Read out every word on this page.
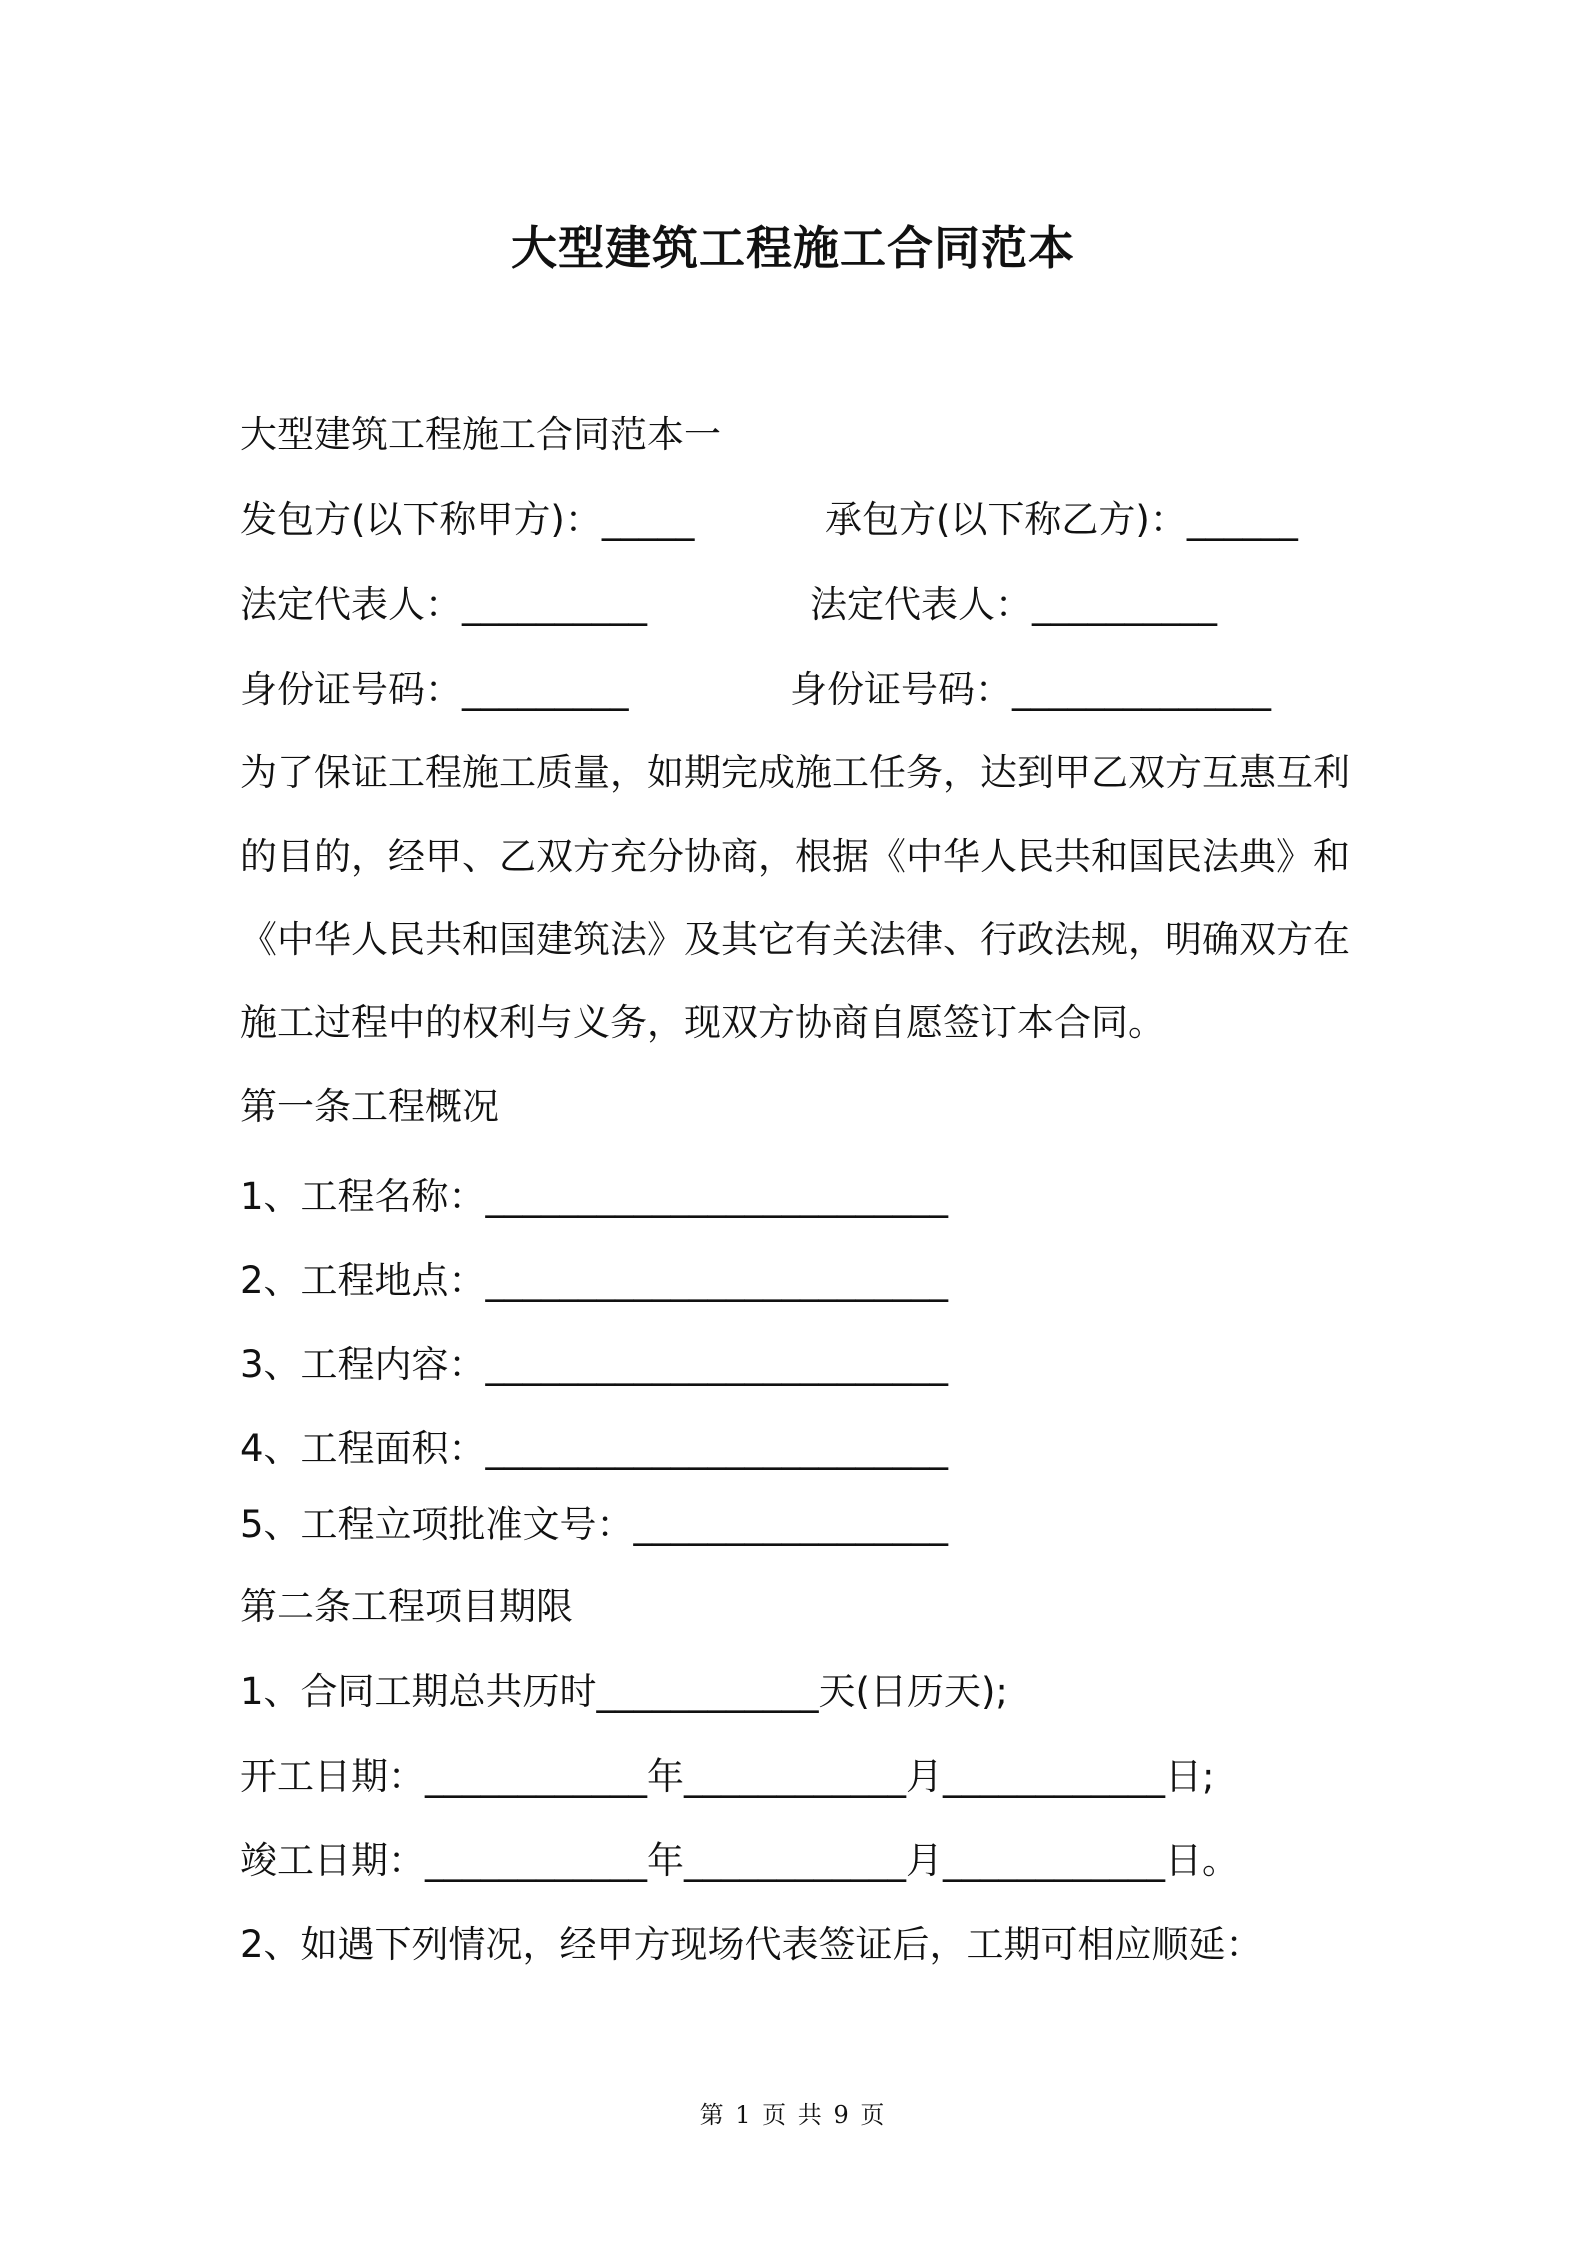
大型建筑工程施工合同范本
大型建筑工程施工合同范本一
发包方(以下称甲方)：_____	承包方(以下称乙方)：______
法定代表人：__________	法定代表人：__________
身份证号码：_________	身份证号码：______________
为了保证工程施工质量，如期完成施工任务，达到甲乙双方互惠互利
的目的，经甲、乙双方充分协商，根据《中华人民共和国民法典》和
《中华人民共和国建筑法》及其它有关法律、行政法规，明确双方在
施工过程中的权利与义务，现双方协商自愿签订本合同。
第一条工程概况
1、工程名称：_________________________
2、工程地点：_________________________
3、工程内容：_________________________
4、工程面积：_________________________
5、工程立项批准文号：_________________
第二条工程项目期限
1、合同工期总共历时____________天(日历天);
开工日期：____________年____________月____________日;
竣工日期：____________年____________月____________日。
2、如遇下列情况，经甲方现场代表签证后，工期可相应顺延：
第 1 页 共 9 页
